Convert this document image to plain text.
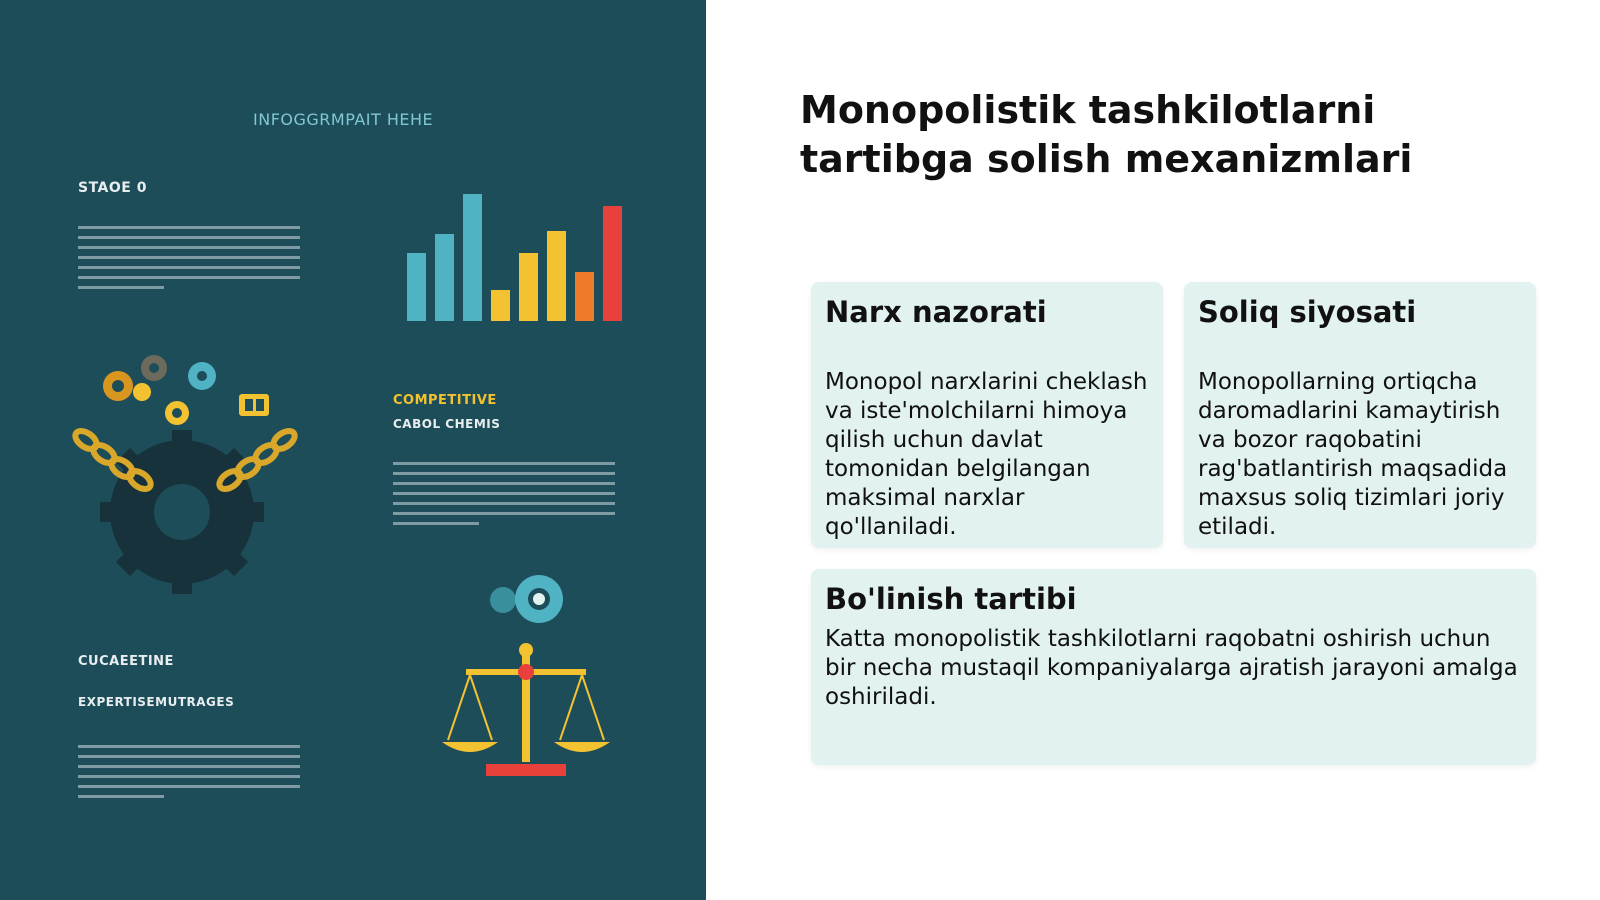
INFOGGRMPAIT HEHE
STAOE 0
COMPETITIVE
CABOL CHEMIS
CUCAEETINE
EXPERTISEMUTRAGES
Monopolistik tashkilotlarni tartibga solish mexanizmlari
Narx nazorati

Monopol narxlarini cheklash va iste'molchilarni himoya qilish uchun davlat tomonidan belgilangan maksimal narxlar qo'llaniladi.

Soliq siyosati

Monopollarning ortiqcha daromadlarini kamaytirish va bozor raqobatini rag'batlantirish maqsadida maxsus soliq tizimlari joriy etiladi.

Bo'linish tartibi

Katta monopolistik tashkilotlarni raqobatni oshirish uchun bir necha mustaqil kompaniyalarga ajratish jarayoni amalga oshiriladi.
